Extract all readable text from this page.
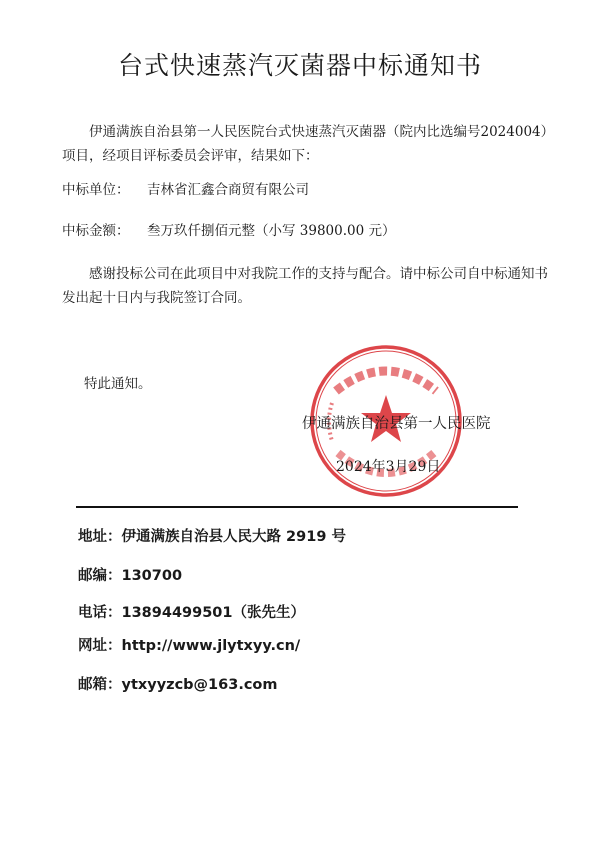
台式快速蒸汽灭菌器中标通知书
伊通满族自治县第一人民医院台式快速蒸汽灭菌器（院内比选编号2024004）项目，经项目评标委员会评审，结果如下：
中标单位： 吉林省汇鑫合商贸有限公司
中标金额： 叁万玖仟捌佰元整（小写 39800.00 元）
感谢投标公司在此项目中对我院工作的支持与配合。请中标公司自中标通知书发出起十日内与我院签订合同。
特此通知。
伊通满族自治县第一人民医院
2024年3月29日
地址：伊通满族自治县人民大路 2919 号
邮编：130700
电话：13894499501（张先生）
网址：http://www.jlytxyy.cn/
邮箱：ytxyyzcb@163.com
